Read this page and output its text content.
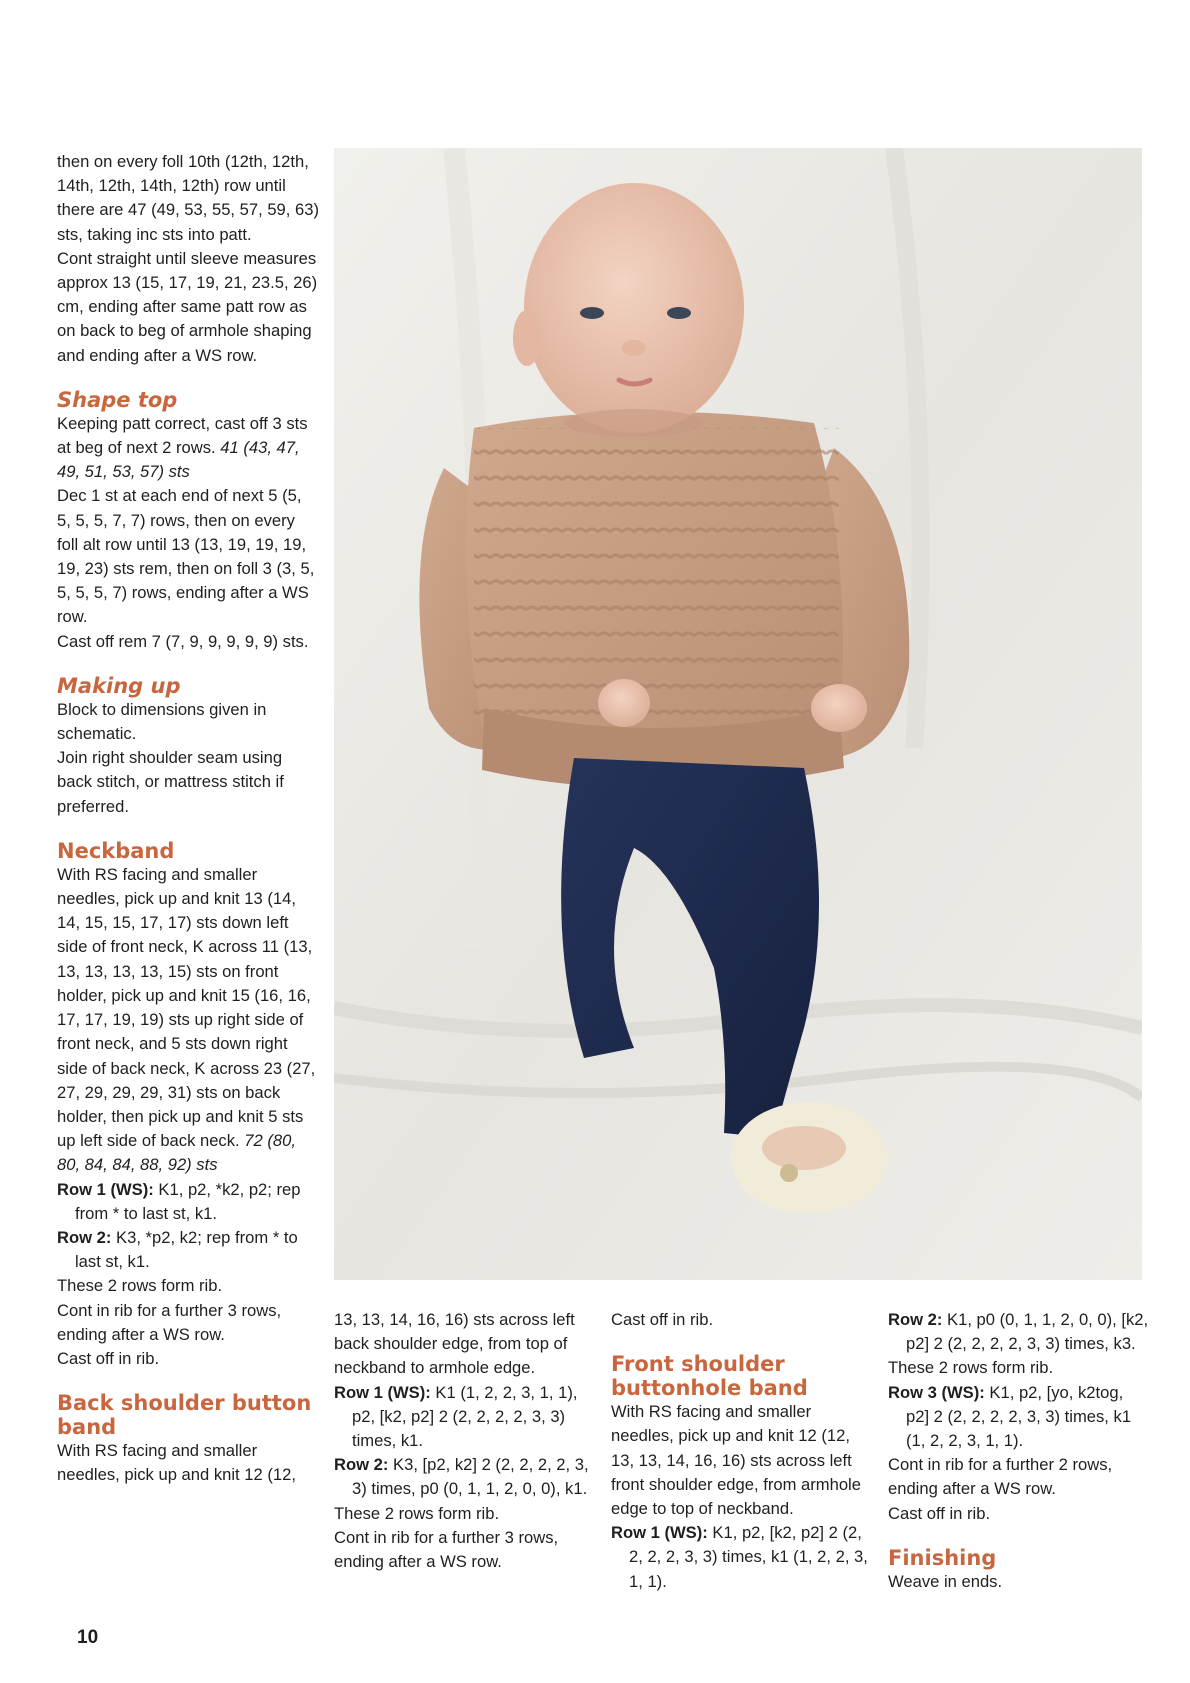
then on every foll 10th (12th, 12th, 14th, 12th, 14th, 12th) row until there are 47 (49, 53, 55, 57, 59, 63) sts, taking inc sts into patt.

Cont straight until sleeve measures approx 13 (15, 17, 19, 21, 23.5, 26) cm, ending after same patt row as on back to beg of armhole shaping and ending after a WS row.

Shape top

Keeping patt correct, cast off 3 sts at beg of next 2 rows. 41 (43, 47, 49, 51, 53, 57) sts

Dec 1 st at each end of next 5 (5, 5, 5, 5, 7, 7) rows, then on every foll alt row until 13 (13, 19, 19, 19, 19, 23) sts rem, then on foll 3 (3, 5, 5, 5, 5, 7) rows, ending after a WS row.

Cast off rem 7 (7, 9, 9, 9, 9, 9) sts.

Making up

Block to dimensions given in schematic.

Join right shoulder seam using back stitch, or mattress stitch if preferred.

Neckband

With RS facing and smaller needles, pick up and knit 13 (14, 14, 15, 15, 17, 17) sts down left side of front neck, K across 11 (13, 13, 13, 13, 13, 15) sts on front holder, pick up and knit 15 (16, 16, 17, 17, 19, 19) sts up right side of front neck, and 5 sts down right side of back neck, K across 23 (27, 27, 29, 29, 29, 31) sts on back holder, then pick up and knit 5 sts up left side of back neck. 72 (80, 80, 84, 84, 88, 92) sts

Row 1 (WS): K1, p2, *k2, p2; rep from * to last st, k1.

Row 2: K3, *p2, k2; rep from * to last st, k1.

These 2 rows form rib.

Cont in rib for a further 3 rows, ending after a WS row.

Cast off in rib.

Back shoulder button band

With RS facing and smaller needles, pick up and knit 12 (12,

13, 13, 14, 16, 16) sts across left back shoulder edge, from top of neckband to armhole edge.

Row 1 (WS): K1 (1, 2, 2, 3, 1, 1), p2, [k2, p2] 2 (2, 2, 2, 2, 3, 3) times, k1.

Row 2: K3, [p2, k2] 2 (2, 2, 2, 2, 3, 3) times, p0 (0, 1, 1, 2, 0, 0), k1.

These 2 rows form rib.

Cont in rib for a further 3 rows, ending after a WS row.

Cast off in rib.

Front shoulder buttonhole band

With RS facing and smaller needles, pick up and knit 12 (12, 13, 13, 14, 16, 16) sts across left front shoulder edge, from armhole edge to top of neckband.

Row 1 (WS): K1, p2, [k2, p2] 2 (2, 2, 2, 2, 3, 3) times, k1 (1, 2, 2, 3, 1, 1).

Row 2: K1, p0 (0, 1, 1, 2, 0, 0), [k2, p2] 2 (2, 2, 2, 2, 3, 3) times, k3.

These 2 rows form rib.

Row 3 (WS): K1, p2, [yo, k2tog, p2] 2 (2, 2, 2, 2, 3, 3) times, k1 (1, 2, 2, 3, 1, 1).

Cont in rib for a further 2 rows, ending after a WS row.

Cast off in rib.

Finishing

Weave in ends.

10
